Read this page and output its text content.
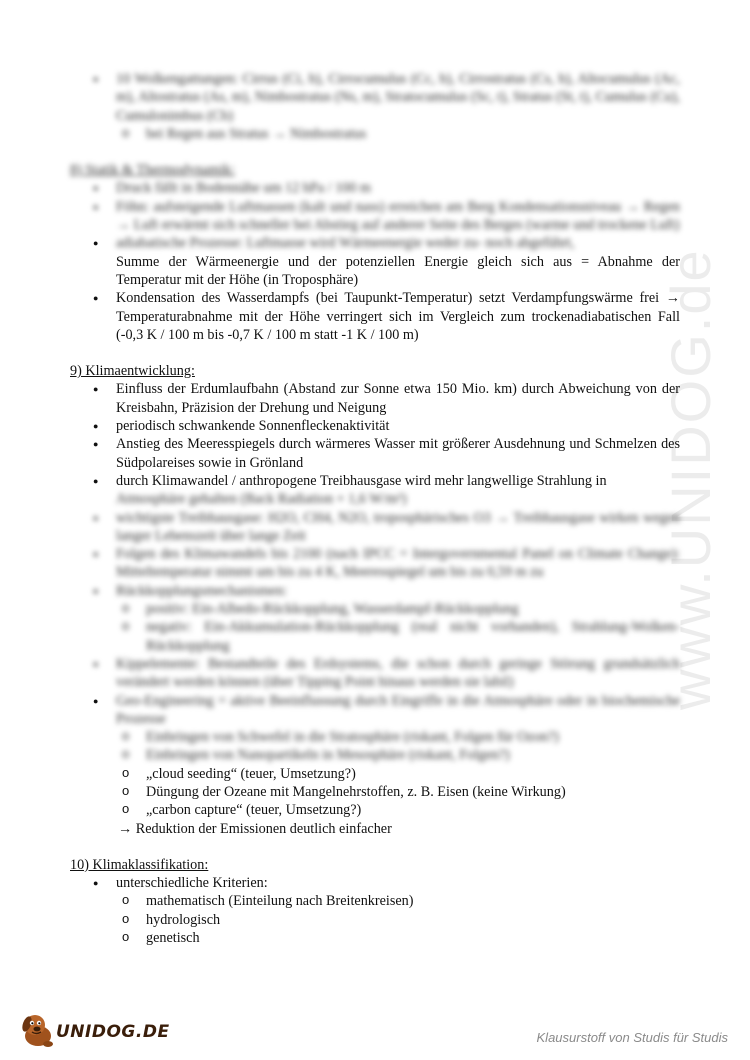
www.UNIDOG.de
● 10 Wolkengattungen: Cirrus (Ci, h), Cirrocumulus (Cc, h), Cirrostratus (Cs, h), Altocumulus (Ac, m), Altostratus (As, m), Nimbostratus (Ns, m), Stratocumulus (Sc, t), Stratus (St, t), Cumulus (Cu), Cumulonimbus (Cb)
o bei Regen aus Stratus → Nimbostratus

8) Statik & Thermodynamik:

● Druck fällt in Bodennähe um 12 hPa / 100 m
● Föhn: aufsteigende Luftmassen (kalt und nass) erreichen am Berg Kondensationsniveau → Regen → Luft erwärmt sich schneller bei Abstieg auf anderer Seite des Berges (warme und trockene Luft)
● adiabatische Prozesse: Luftmasse wird Wärmeenergie weder zu- noch abgeführt,
Summe der Wärmeenergie und der potenziellen Energie gleich sich aus = Abnahme der Temperatur mit der Höhe (in Troposphäre)
● Kondensation des Wasserdampfs (bei Taupunkt-Temperatur) setzt Verdampfungswärme frei → Temperaturabnahme mit der Höhe verringert sich im Vergleich zum trockenadiabatischen Fall (-0,3 K / 100 m bis -0,7 K / 100 m statt -1 K / 100 m)

9) Klimaentwicklung:

● Einfluss der Erdumlaufbahn (Abstand zur Sonne etwa 150 Mio. km) durch Abweichung von der Kreisbahn, Präzision der Drehung und Neigung
● periodisch schwankende Sonnenfleckenaktivität
● Anstieg des Meeresspiegels durch wärmeres Wasser mit größerer Ausdehnung und Schmelzen des Südpolareises sowie in Grönland
● durch Klimawandel / anthropogene Treibhausgase wird mehr langwellige Strahlung in
Atmosphäre gehalten (Back Radiation + 1,6 W/m²)
● wichtigste Treibhausgase: H2O, CH4, N2O, troposphärisches O3 → Treibhausgase wirken wegen langer Lebenszeit über lange Zeit
● Folgen des Klimawandels bis 2100 (nach IPCC = Intergovernmental Panel on Climate Change): Mitteltemperatur nimmt um bis zu 4 K, Meeresspiegel um bis zu 0,59 m zu
● Rückkopplungsmechanismen:
o positiv: Ein-Albedo-Rückkopplung, Wasserdampf-Rückkopplung
o negativ: Ein-Akkumulation-Rückkopplung (real nicht vorhanden), Strahlung-Wolken-Rückkopplung
● Kippelemente: Bestandteile des Erdsystems, die schon durch geringe Störung grundsätzlich verändert werden können (über Tipping Point hinaus werden sie labil)
● Geo-Engineering = aktive Beeinflussung durch Eingriffe in die Atmosphäre oder in biochemische Prozesse
o Einbringen von Schwefel in die Stratosphäre (riskant, Folgen für Ozon?)
o Einbringen von Nanopartikeln in Mesosphäre (riskant, Folgen?)
o „cloud seeding“ (teuer, Umsetzung?)
o Düngung der Ozeane mit Mangelnehrstoffen, z. B. Eisen (keine Wirkung)
o „carbon capture“ (teuer, Umsetzung?)
→ Reduktion der Emissionen deutlich einfacher

10) Klimaklassifikation:

● unterschiedliche Kriterien:
o mathematisch (Einteilung nach Breitenkreisen)
o hydrologisch
o genetisch
UNIDOG.DE	Klausurstoff von Studis für Studis
